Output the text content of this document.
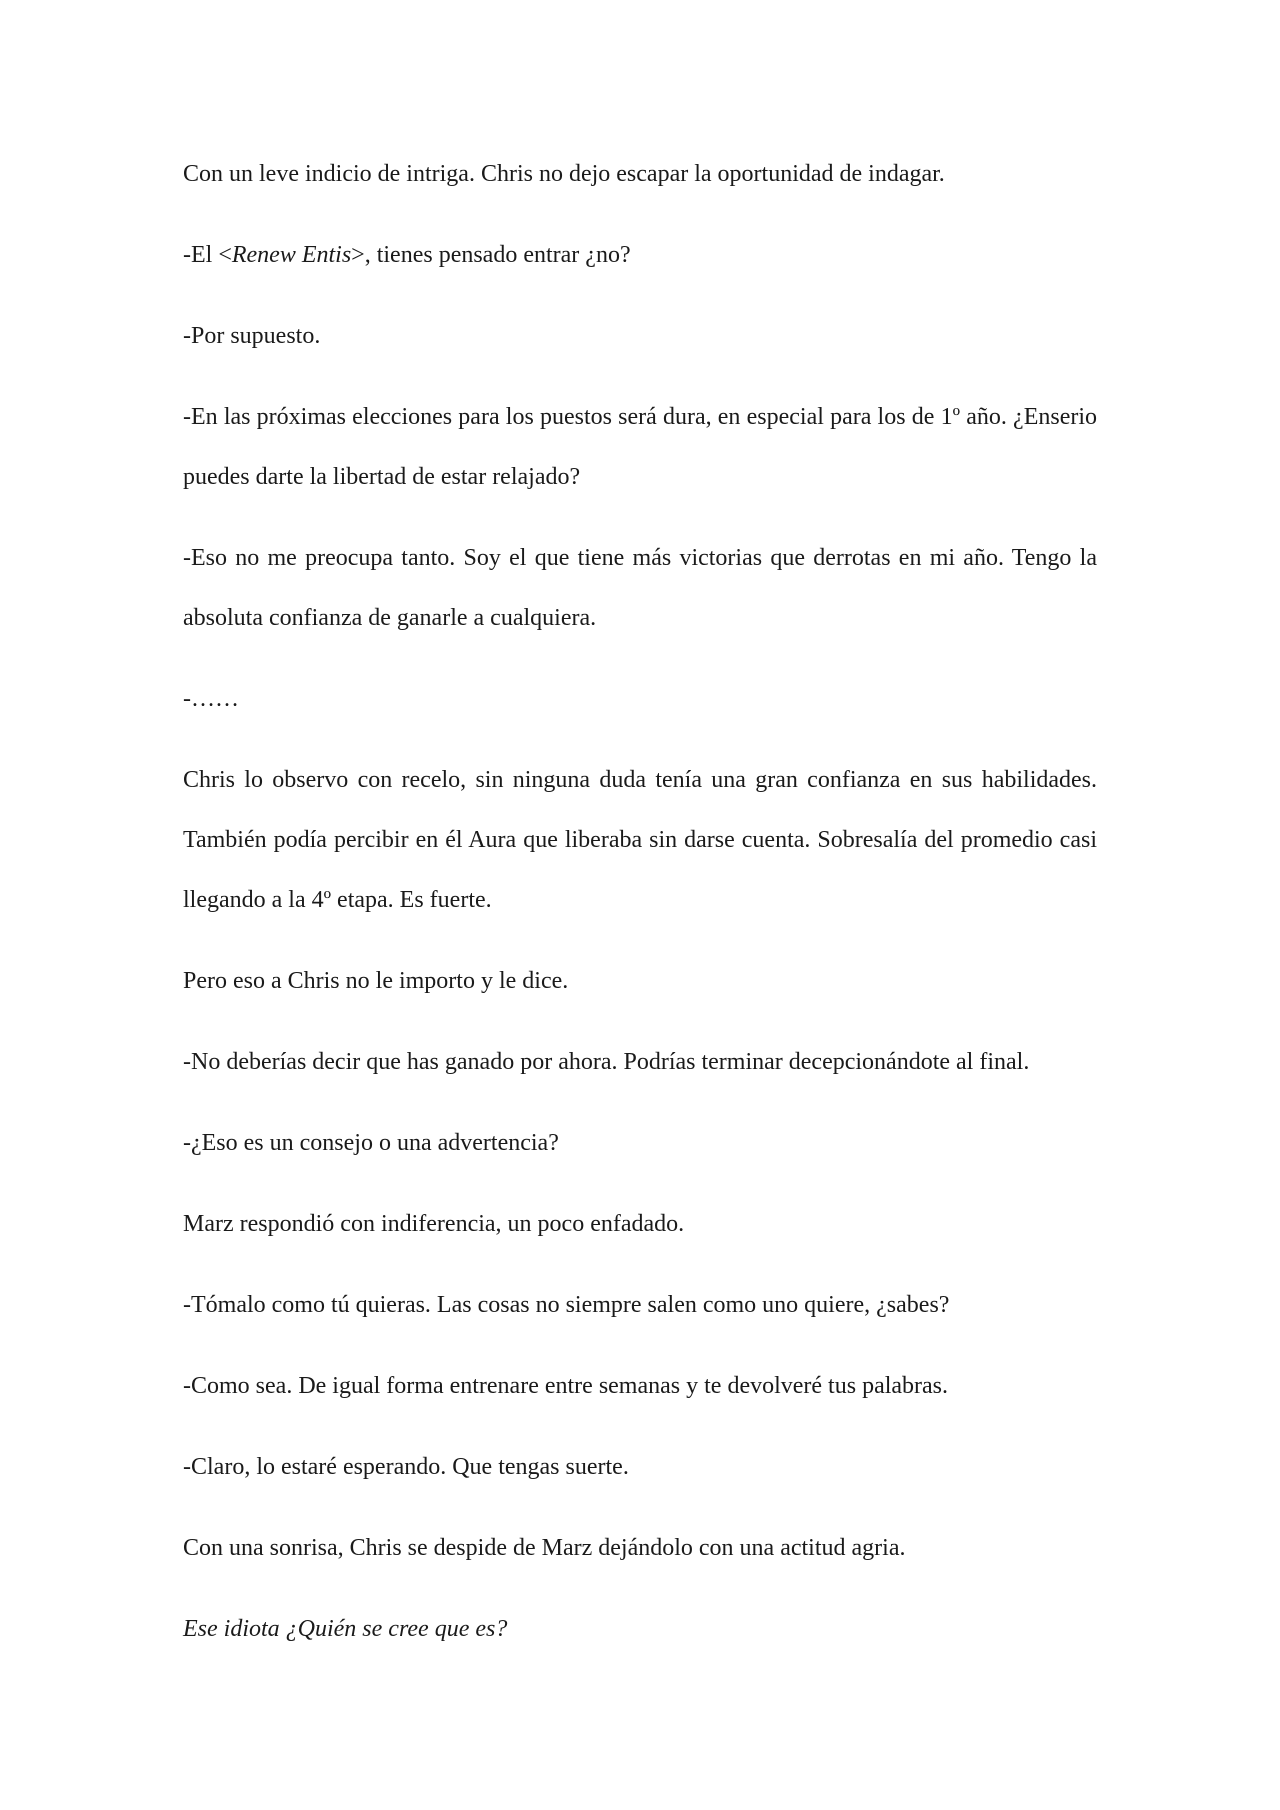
Con un leve indicio de intriga. Chris no dejo escapar la oportunidad de indagar.

-El <Renew Entis>, tienes pensado entrar ¿no?

-Por supuesto.

-En las próximas elecciones para los puestos será dura, en especial para los de 1º año. ¿Enserio puedes darte la libertad de estar relajado?

-Eso no me preocupa tanto. Soy el que tiene más victorias que derrotas en mi año. Tengo la absoluta confianza de ganarle a cualquiera.

-……

Chris lo observo con recelo, sin ninguna duda tenía una gran confianza en sus habilidades. También podía percibir en él Aura que liberaba sin darse cuenta. Sobresalía del promedio casi llegando a la 4º etapa. Es fuerte.

Pero eso a Chris no le importo y le dice.

-No deberías decir que has ganado por ahora. Podrías terminar decepcionándote al final.

-¿Eso es un consejo o una advertencia?

Marz respondió con indiferencia, un poco enfadado.

-Tómalo como tú quieras. Las cosas no siempre salen como uno quiere, ¿sabes?

-Como sea. De igual forma entrenare entre semanas y te devolveré tus palabras.

-Claro, lo estaré esperando. Que tengas suerte.

Con una sonrisa, Chris se despide de Marz dejándolo con una actitud agria.

Ese idiota ¿Quién se cree que es?
